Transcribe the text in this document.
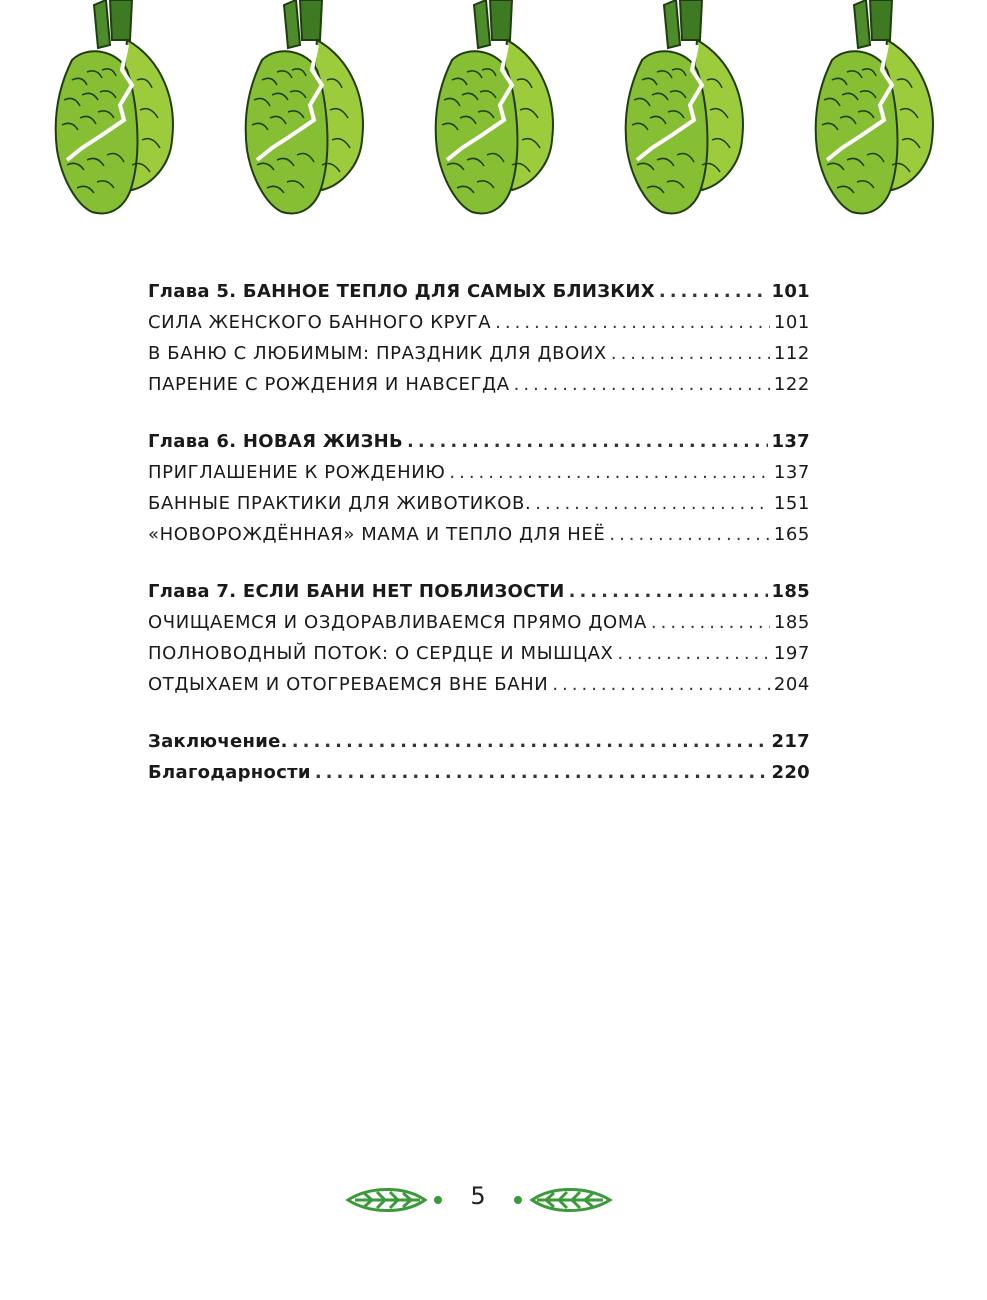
Глава 5. БАННОЕ ТЕПЛО ДЛЯ САМЫХ БЛИЗКИХ .....	101
СИЛА ЖЕНСКОГО БАННОГО КРУГА .....	101
В БАНЮ С ЛЮБИМЫМ: ПРАЗДНИК ДЛЯ ДВОИХ .....	112
ПАРЕНИЕ С РОЖДЕНИЯ И НАВСЕГДА .....	122
Глава 6. НОВАЯ ЖИЗНЬ .....	137
ПРИГЛАШЕНИЕ К РОЖДЕНИЮ .....	137
БАННЫЕ ПРАКТИКИ ДЛЯ ЖИВОТИКОВ. .....	151
«НОВОРОЖДЁННАЯ» МАМА И ТЕПЛО ДЛЯ НЕЁ .....	165
Глава 7. ЕСЛИ БАНИ НЕТ ПОБЛИЗОСТИ .....	185
ОЧИЩАЕМСЯ И ОЗДОРАВЛИВАЕМСЯ ПРЯМО ДОМА .....	185
ПОЛНОВОДНЫЙ ПОТОК: О СЕРДЦЕ И МЫШЦАХ .....	197
ОТДЫХАЕМ И ОТОГРЕВАЕМСЯ ВНЕ БАНИ .....	204
Заключение. .....	217
Благодарности .....	220
5
